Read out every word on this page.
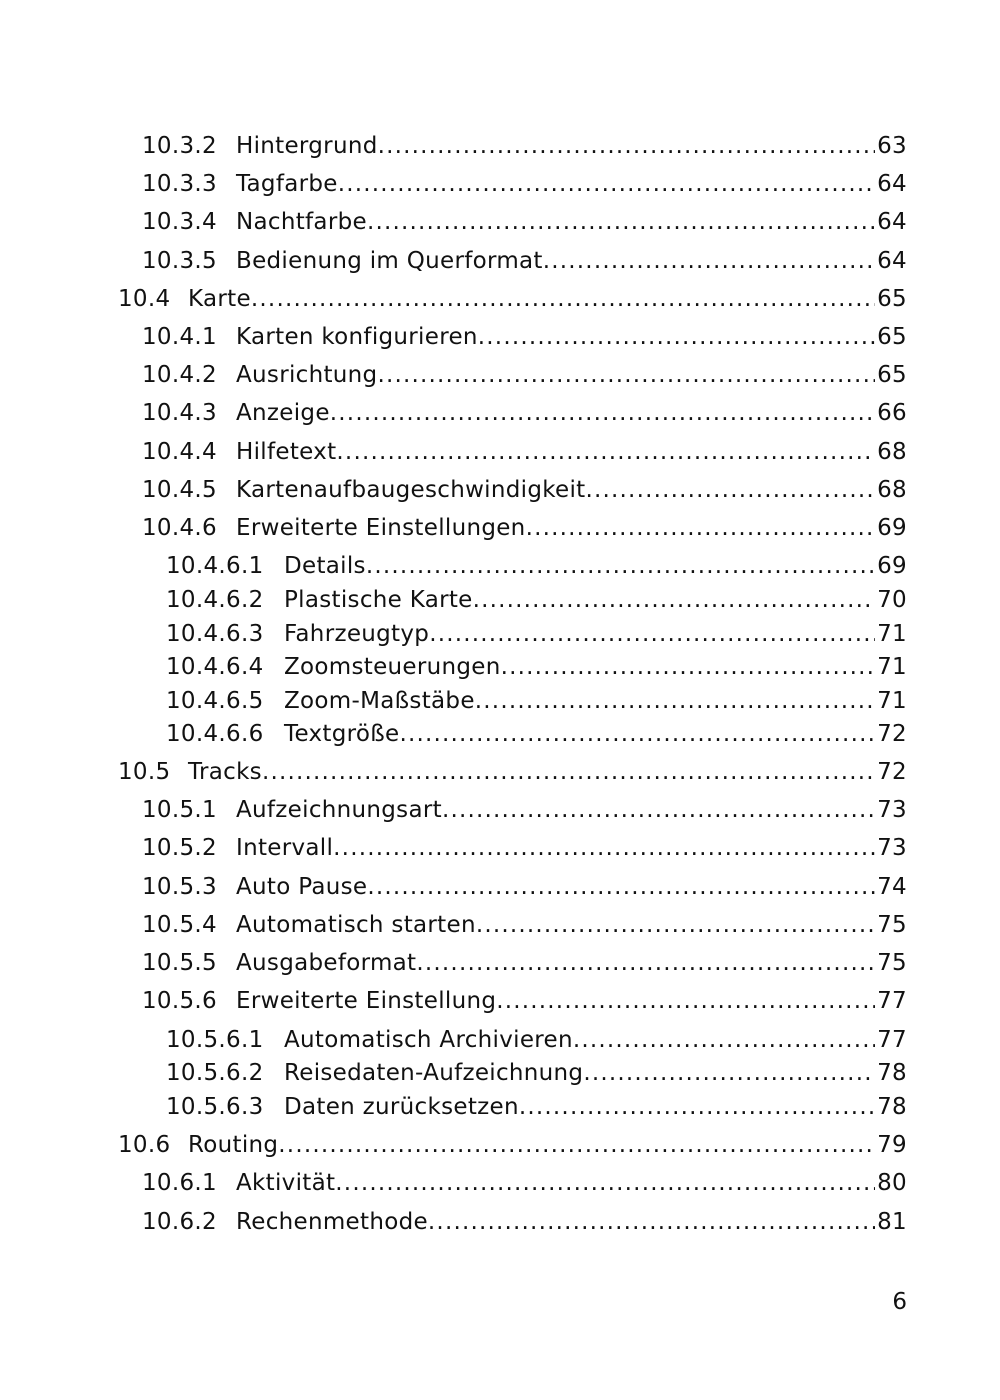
10.3.2 Hintergrund .....	63
10.3.3 Tagfarbe .....	64
10.3.4 Nachtfarbe .....	64
10.3.5 Bedienung im Querformat .....	64
10.4 Karte .....	65
10.4.1 Karten konfigurieren .....	65
10.4.2 Ausrichtung .....	65
10.4.3 Anzeige .....	66
10.4.4 Hilfetext .....	68
10.4.5 Kartenaufbaugeschwindigkeit .....	68
10.4.6 Erweiterte Einstellungen .....	69
10.4.6.1 Details .....	69
10.4.6.2 Plastische Karte .....	70
10.4.6.3 Fahrzeugtyp .....	71
10.4.6.4 Zoomsteuerungen .....	71
10.4.6.5 Zoom-Maßstäbe .....	71
10.4.6.6 Textgröße .....	72
10.5 Tracks .....	72
10.5.1 Aufzeichnungsart .....	73
10.5.2 Intervall .....	73
10.5.3 Auto Pause .....	74
10.5.4 Automatisch starten .....	75
10.5.5 Ausgabeformat .....	75
10.5.6 Erweiterte Einstellung .....	77
10.5.6.1 Automatisch Archivieren .....	77
10.5.6.2 Reisedaten-Aufzeichnung .....	78
10.5.6.3 Daten zurücksetzen .....	78
10.6 Routing .....	79
10.6.1 Aktivität .....	80
10.6.2 Rechenmethode .....	81
6
